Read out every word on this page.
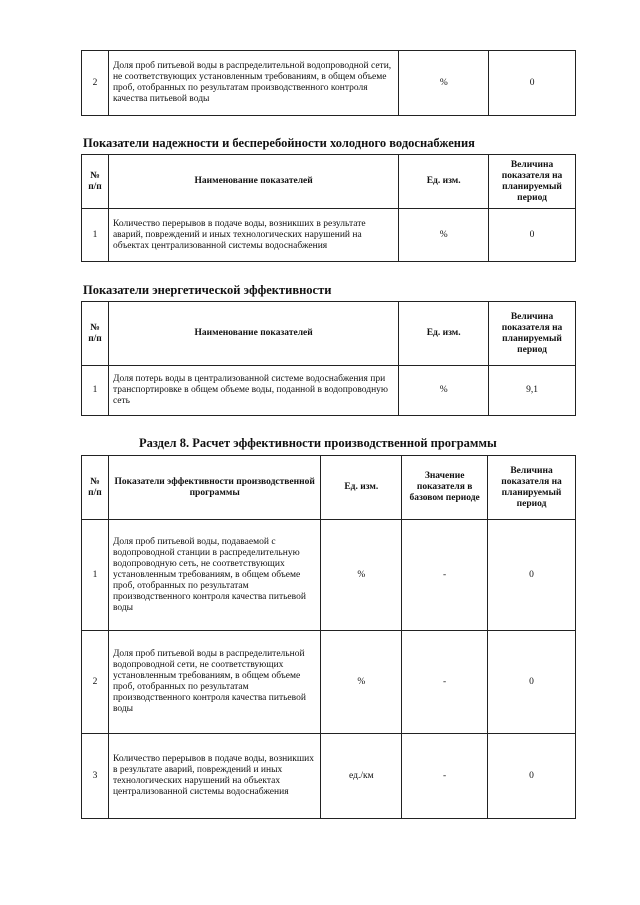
2	Доля проб питьевой воды в распределительной водопроводной сети, не соответствующих установленным требованиям, в общем объеме проб, отобранных по результатам производственного контроля качества питьевой воды	%	0
Показатели надежности и бесперебойности холодного водоснабжения
№ п/п	Наименование показателей	Ед. изм.	Величина показателя на планируемый период
1	Количество перерывов в подаче воды, возникших в результате аварий, повреждений и иных технологических нарушений на объектах централизованной системы водоснабжения	%	0
Показатели энергетической эффективности
№ п/п	Наименование показателей	Ед. изм.	Величина показателя на планируемый период
1	Доля потерь воды в централизованной системе водоснабжения при транспортировке в общем объеме воды, поданной в водопроводную сеть	%	9,1
Раздел 8. Расчет эффективности производственной программы
№ п/п	Показатели эффективности производственной программы	Ед. изм.	Значение показателя в базовом периоде	Величина показателя на планируемый период
1	Доля проб питьевой воды, подаваемой с водопроводной станции в распределительную водопроводную сеть, не соответствующих установленным требованиям, в общем объеме проб, отобранных по результатам производственного контроля качества питьевой воды	%	-	0
2	Доля проб питьевой воды в распределительной водопроводной сети, не соответствующих установленным требованиям, в общем объеме проб, отобранных по результатам производственного контроля качества питьевой воды	%	-	0
3	Количество перерывов в подаче воды, возникших в результате аварий, повреждений и иных технологических нарушений на объектах централизованной системы водоснабжения	ед./км	-	0
